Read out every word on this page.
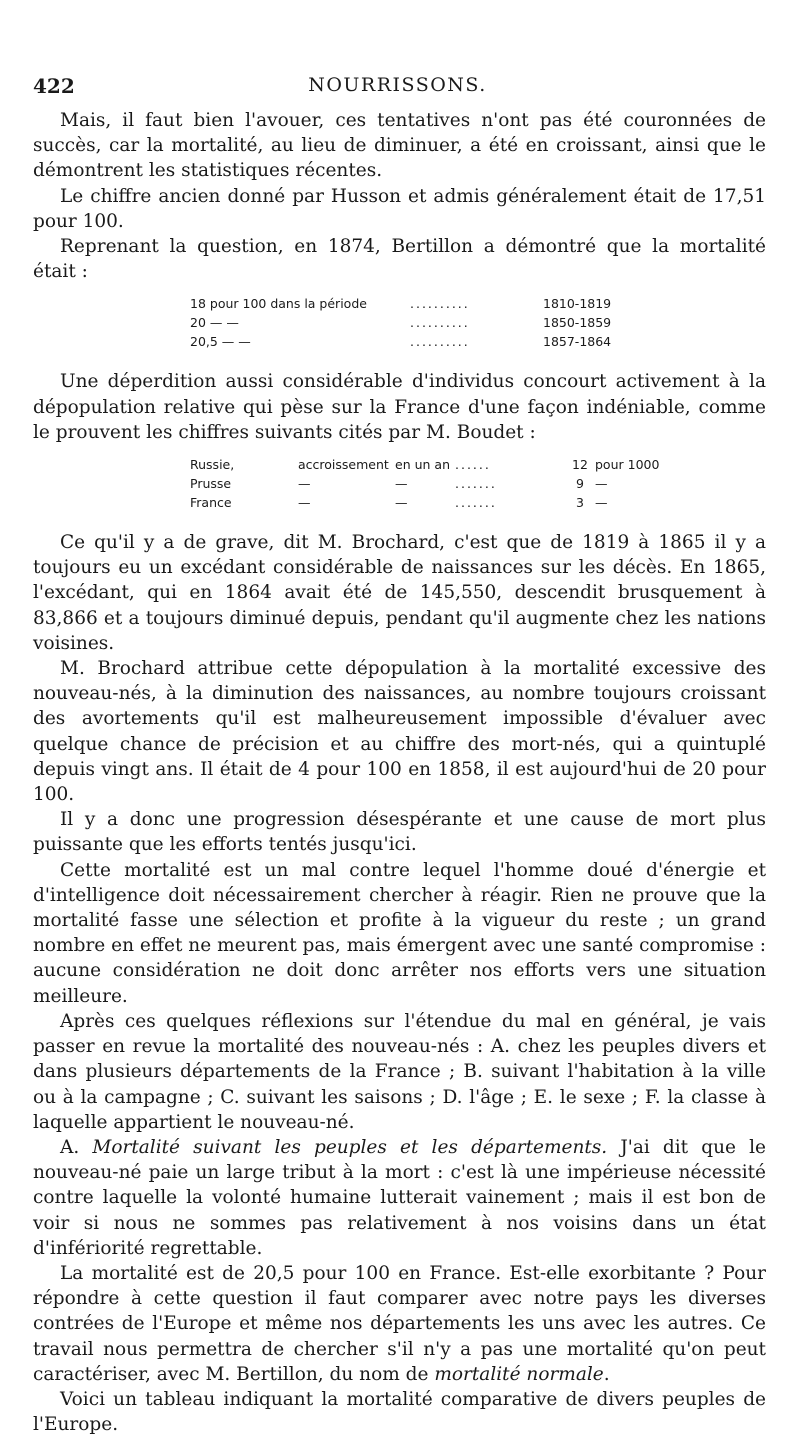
422	NOURRISSONS.

Mais, il faut bien l'avouer, ces tentatives n'ont pas été couronnées de succès, car la mortalité, au lieu de diminuer, a été en croissant, ainsi que le démontrent les statistiques récentes.

Le chiffre ancien donné par Husson et admis généralement était de 17,51 pour 100.

Reprenant la question, en 1874, Bertillon a démontré que la mortalité était :

18 pour 100 dans la période	..........	1810-1819
20 — —	..........	1850-1859
20,5 — —	..........	1857-1864

Une déperdition aussi considérable d'individus concourt activement à la dépopulation relative qui pèse sur la France d'une façon indéniable, comme le prouvent les chiffres suivants cités par M. Boudet :

Russie,	accroissement en un an ......	12 pour 1000
Prusse	—	—	.......	9 —
France	—	—	.......	3 —

Ce qu'il y a de grave, dit M. Brochard, c'est que de 1819 à 1865 il y a toujours eu un excédant considérable de naissances sur les décès. En 1865, l'excédant, qui en 1864 avait été de 145,550, descendit brusquement à 83,866 et a toujours diminué depuis, pendant qu'il augmente chez les nations voisines.

M. Brochard attribue cette dépopulation à la mortalité excessive des nouveau-nés, à la diminution des naissances, au nombre toujours croissant des avortements qu'il est malheureusement impossible d'évaluer avec quelque chance de précision et au chiffre des mort-nés, qui a quintuplé depuis vingt ans. Il était de 4 pour 100 en 1858, il est aujourd'hui de 20 pour 100.

Il y a donc une progression désespérante et une cause de mort plus puissante que les efforts tentés jusqu'ici.

Cette mortalité est un mal contre lequel l'homme doué d'énergie et d'intelligence doit nécessairement chercher à réagir. Rien ne prouve que la mortalité fasse une sélection et profite à la vigueur du reste ; un grand nombre en effet ne meurent pas, mais émergent avec une santé compromise : aucune considération ne doit donc arrêter nos efforts vers une situation meilleure.

Après ces quelques réflexions sur l'étendue du mal en général, je vais passer en revue la mortalité des nouveau-nés : A. chez les peuples divers et dans plusieurs départements de la France ; B. suivant l'habitation à la ville ou à la campagne ; C. suivant les saisons ; D. l'âge ; E. le sexe ; F. la classe à laquelle appartient le nouveau-né.

A. Mortalité suivant les peuples et les départements. J'ai dit que le nouveau-né paie un large tribut à la mort : c'est là une impérieuse nécessité contre laquelle la volonté humaine lutterait vainement ; mais il est bon de voir si nous ne sommes pas relativement à nos voisins dans un état d'infériorité regrettable.

La mortalité est de 20,5 pour 100 en France. Est-elle exorbitante ? Pour répondre à cette question il faut comparer avec notre pays les diverses contrées de l'Europe et même nos départements les uns avec les autres. Ce travail nous permettra de chercher s'il n'y a pas une mortalité qu'on peut caractériser, avec M. Bertillon, du nom de mortalité normale.

Voici un tableau indiquant la mortalité comparative de divers peuples de l'Europe.
